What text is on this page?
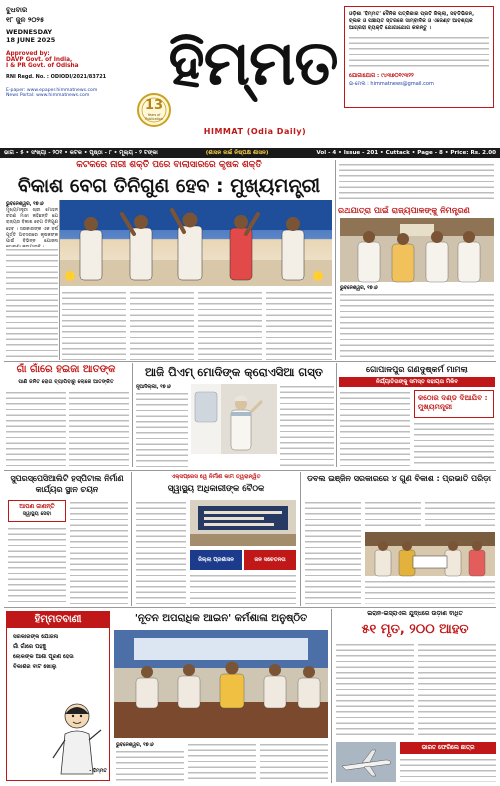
ବୁଧବାର
୧୮ ଜୁନ ୨୦୨୫
WEDNESDAY
18 JUNE 2025
Approved by:
DAVP Govt. of India,
I & PR Govt. of Odisha
RNI Regd. No. : ODIODI/2021/83721
E-paper: www.epaper.himmatnews.com
News Portal: www.himmatnews.com
13
Years of Publication
ହିମ୍ମତ
HIMMAT (Odia Daily)
ଓଡ଼ିଶା 'ହିମ୍ମତ' ଦୈନିକ ପତ୍ରିକାର ପ୍ରତି ଜିଲ୍ଲା, ସବଡିଭିଜନ,
ବ୍ଲକ ଓ ପଞ୍ଚାୟତ ସ୍ତରରେ ସାମ୍ବାଦିକ ଓ ଏଜେଣ୍ଟ ଆବଶ୍ୟକ
ଆଗ୍ରହୀ ବ୍ୟକ୍ତି ଯୋଗାଯୋଗ କରନ୍ତୁ ।
ଯୋଗାଯୋଗ : ୯୪୩୭୦୧୯୩୨୨
ଇ-ମେଲ : himmatnews@gmail.com
ଭାଗ - ୫ • ସଂଖ୍ୟା - ୨୦୧ • କଟକ • ପୃଷ୍ଠା - ୮ • ମୂଲ୍ୟ - ୨ ଟଙ୍କା	(ଶାସନ ନାଇଁ ନିଷ୍ପକ୍ଷ ଶାସନ)	Vol - 4 • Issue - 201 • Cuttack • Page - 8 • Price: Rs. 2.00
କଟକରେ ନାରୀ ଶକ୍ତି ପରେ ବାଲାସାରରେ କୃଷକ ଶକ୍ତି
ବିକାଶ ବେଗ ତିନିଗୁଣ ହେବ : ମୁଖ୍ୟମନ୍ତ୍ରୀ
ଭୁବନେଶ୍ୱର, ୧୭।୬
ମୁଖ୍ୟମନ୍ତ୍ରୀ ଶ୍ରୀ ମୋହନ ଚରଣ ମାଝୀ କହିଛନ୍ତି ଯେ ରାଜ୍ୟର ବିକାଶ ବେଗ ତିନିଗୁଣ ହେବ । ସରକାରଙ୍କ ଏକ ବର୍ଷ ପୂର୍ତ୍ତି ଅବସରରେ କୃଷକଙ୍କ ପାଇଁ ବିଭିନ୍ନ ଯୋଜନା
ରଥଯାତ୍ରା ପାଇଁ ରାଜ୍ୟପାଳଙ୍କୁ ନିମନ୍ତ୍ରଣ
ଭୁବନେଶ୍ୱର, ୧୭।୬
ଗାଁ ଗାଁରେ ହଇଜା ଆତଙ୍କ
ପାଣି ଜନିତ ରୋଗ ବ୍ୟାପିବାରୁ ଲୋକେ ଆତଙ୍କିତ
ଆଜି ପିଏମ୍ ମୋଦିଙ୍କ କ୍ରୋଏସିଆ ଗସ୍ତ
ନୂଆଦିଲ୍ଲୀ, ୧୭।୬
ଗୋପାଳପୁର ଗଣଦୁଷ୍କର୍ମ ମାମଲା
ନିର୍ଯ୍ୟାତିତାଙ୍କୁ ସମସ୍ତ ସହାୟତା ମିଳିବ
କଠୋର ଦଣ୍ଡ ଦିଆଯିବ : ମୁଖ୍ୟମନ୍ତ୍ରୀ
ସୁପରସ୍ପେସିଆଲିଟି ହସ୍ପିଟାଲ ନିର୍ମାଣ କାର୍ଯ୍ୟର ସ୍ଥାନ ଚୟନ
ଆପଣ ଜାଣନ୍ତି
ସ୍ୱାସ୍ଥ୍ୟ ସେବା
ଏକ୍ସପ୍ରେସ ୱେ ନିର୍ମାଣ କାମ ତ୍ୱରାନ୍ୱିତ
ସ୍ୱାସ୍ଥ୍ୟ ଅଧିକାରୀଙ୍କ ବୈଠକ
ଜିଲ୍ଲା ପ୍ରଶାସନ	ଜନ ସଚେତନତା
ଡବଲ ଇଞ୍ଜିନ ସରକାରରେ ୪ ଗୁଣ ବିକାଶ : ପ୍ରଭାତି ପରିଡ଼ା
ହିମ୍ମତବାଣୀ
ସରକାରଙ୍କ ଯୋଜନା
ଗାଁ ଗାଁରେ ପହଞ୍ଚୁ
ଲୋକଙ୍କ ଆଶା ପୂରଣ ହେଉ
ବିକାଶର ବାଟ ଖୋଲୁ
- ହିମ୍ମତ
'ନୂତନ ଅପରାଧିକ ଆଇନ' କର୍ମଶାଳା ଅନୁଷ୍ଠିତ
ଭୁବନେଶ୍ୱର, ୧୭।୬
ଇରାନ-ଇସ୍ରାଏଲ ଯୁଦ୍ଧରେ ଉଡ଼ାଣ ବାଧିତ
୫୧ ମୃତ, ୨୦୦ ଆହତ
ଭାରତ ଫେରିଲେ ଛାତ୍ର
